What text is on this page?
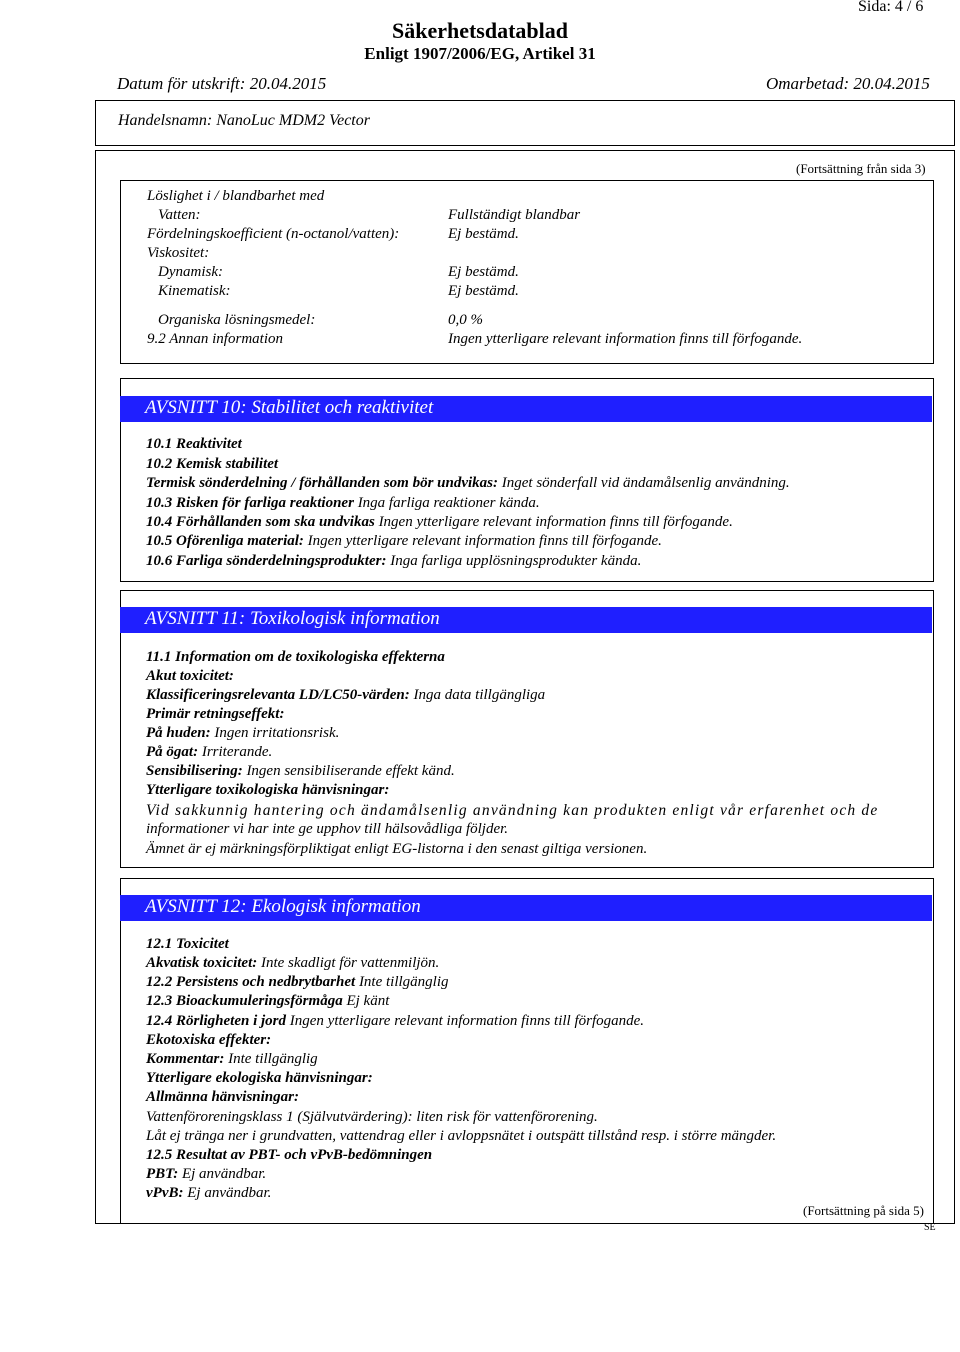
Sida: 4 / 6
Säkerhetsdatablad
Enligt 1907/2006/EG, Artikel 31
Datum för utskrift: 20.04.2015	Omarbetad: 20.04.2015
Handelsnamn: NanoLuc MDM2 Vector
(Fortsättning från sida 3)
Löslighet i / blandbarhet med
Vatten:	Fullständigt blandbar
Fördelningskoefficient (n-octanol/vatten):	Ej bestämd.
Viskositet:
Dynamisk:	Ej bestämd.
Kinematisk:	Ej bestämd.
Organiska lösningsmedel:	0,0 %
9.2 Annan information	Ingen ytterligare relevant information finns till förfogande.
AVSNITT 10: Stabilitet och reaktivitet
10.1 Reaktivitet
10.2 Kemisk stabilitet
Termisk sönderdelning / förhållanden som bör undvikas: Inget sönderfall vid ändamålsenlig användning.
10.3 Risken för farliga reaktioner Inga farliga reaktioner kända.
10.4 Förhållanden som ska undvikas Ingen ytterligare relevant information finns till förfogande.
10.5 Oförenliga material: Ingen ytterligare relevant information finns till förfogande.
10.6 Farliga sönderdelningsprodukter: Inga farliga upplösningsprodukter kända.
AVSNITT 11: Toxikologisk information
11.1 Information om de toxikologiska effekterna
Akut toxicitet:
Klassificeringsrelevanta LD/LC50-värden: Inga data tillgängliga
Primär retningseffekt:
På huden: Ingen irritationsrisk.
På ögat: Irriterande.
Sensibilisering: Ingen sensibiliserande effekt känd.
Ytterligare toxikologiska hänvisningar:
Vid sakkunnig hantering och ändamålsenlig användning kan produkten enligt vår erfarenhet och de
informationer vi har inte ge upphov till hälsovådliga följder.
Ämnet är ej märkningsförpliktigat enligt EG-listorna i den senast giltiga versionen.
AVSNITT 12: Ekologisk information
12.1 Toxicitet
Akvatisk toxicitet: Inte skadligt för vattenmiljön.
12.2 Persistens och nedbrytbarhet Inte tillgänglig
12.3 Bioackumuleringsförmåga Ej känt
12.4 Rörligheten i jord Ingen ytterligare relevant information finns till förfogande.
Ekotoxiska effekter:
Kommentar: Inte tillgänglig
Ytterligare ekologiska hänvisningar:
Allmänna hänvisningar:
Vattenföroreningsklass 1 (Självutvärdering): liten risk för vattenförorening.
Låt ej tränga ner i grundvatten, vattendrag eller i avloppsnätet i outspätt tillstånd resp. i större mängder.
12.5 Resultat av PBT- och vPvB-bedömningen
PBT: Ej användbar.
vPvB: Ej användbar.
(Fortsättning på sida 5)
SE
